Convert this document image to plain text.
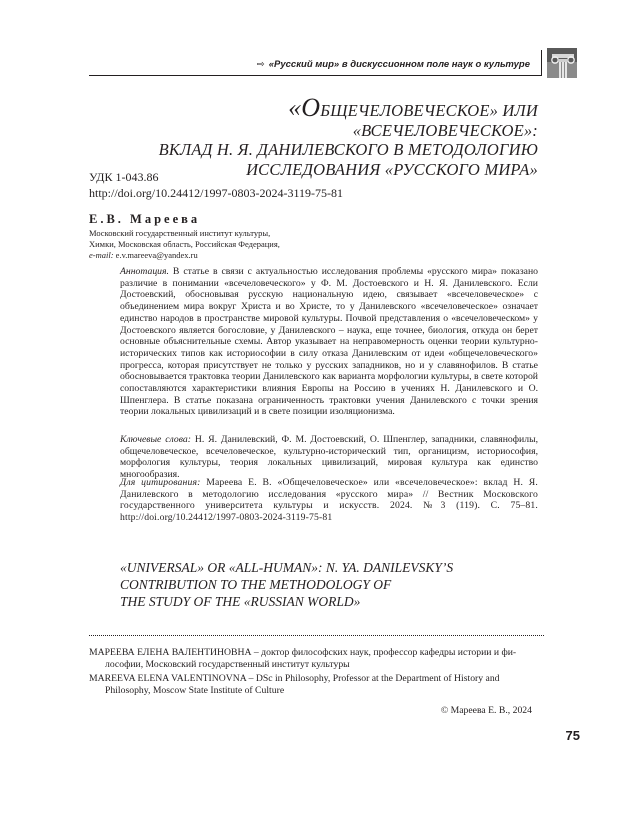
⇨ «Русский мир» в дискуссионном поле наук о культуре
«ОБЩЕЧЕЛОВЕЧЕСКОЕ» ИЛИ «ВСЕЧЕЛОВЕЧЕСКОЕ»:
ВКЛАД Н. Я. ДАНИЛЕВСКОГО В МЕТОДОЛОГИЮ
ИССЛЕДОВАНИЯ «РУССКОГО МИРА»
УДК 1-043.86
http://doi.org/10.24412/1997-0803-2024-3119-75-81
Е.В. Мареева
Московский государственный институт культуры,
Химки, Московская область, Российская Федерация,
e-mail: e.v.mareeva@yandex.ru
Аннотация. В статье в связи с актуальностью исследования проблемы «русского мира» показано различие в понимании «всечеловеческого» у Ф. М. Достоевского и Н. Я. Данилевского. Если Достоевский, обосновывая русскую национальную идею, связывает «всечеловеческое» с объединением мира вокруг Христа и во Христе, то у Данилевского «всечеловеческое» означает единство народов в пространстве мировой культуры. Почвой представления о «всечеловеческом» у Достоевского является богословие, у Данилевского – наука, еще точнее, биология, откуда он берет основные объяснительные схемы. Автор указывает на неправомерность оценки теории культурно-исторических типов как историософии в силу отказа Данилевским от идеи «общечеловеческого» прогресса, которая присутствует не только у русских западников, но и у славянофилов. В статье обосновывается трактовка теории Данилевского как варианта морфологии культуры, в свете которой сопоставляются характеристики влияния Европы на Россию в учениях Н. Данилевского и О. Шпенглера. В статье показана ограниченность трактовки учения Данилевского с точки зрения теории локальных цивилизаций и в свете позиции изоляционизма.
Ключевые слова: Н. Я. Данилевский, Ф. М. Достоевский, О. Шпенглер, западники, славянофилы, общечеловеческое, всечеловеческое, культурно-исторический тип, органицизм, историософия, морфология культуры, теория локальных цивилизаций, мировая культура как единство многообразия.
Для цитирования: Мареева Е. В. «Общечеловеческое» или «всечеловеческое»: вклад Н. Я. Данилевского в методологию исследования «русского мира» // Вестник Московского государственного университета культуры и искусств. 2024. №3 (119). С. 75–81. http://doi.org/10.24412/1997-0803-2024-3119-75-81
«UNIVERSAL» OR «ALL-HUMAN»: N. YA. DANILEVSKY’S
CONTRIBUTION TO THE METHODOLOGY OF
THE STUDY OF THE «RUSSIAN WORLD»
МАРЕЕВА ЕЛЕНА ВАЛЕНТИНОВНА – доктор философских наук, профессор кафедры истории и фи-
лософии, Московский государственный институт культуры
MAREEVA ELENA VALENTINOVNA – DSc in Philosophy, Professor at the Department of History and
Philosophy, Moscow State Institute of Culture
© Мареева Е. В., 2024
75
